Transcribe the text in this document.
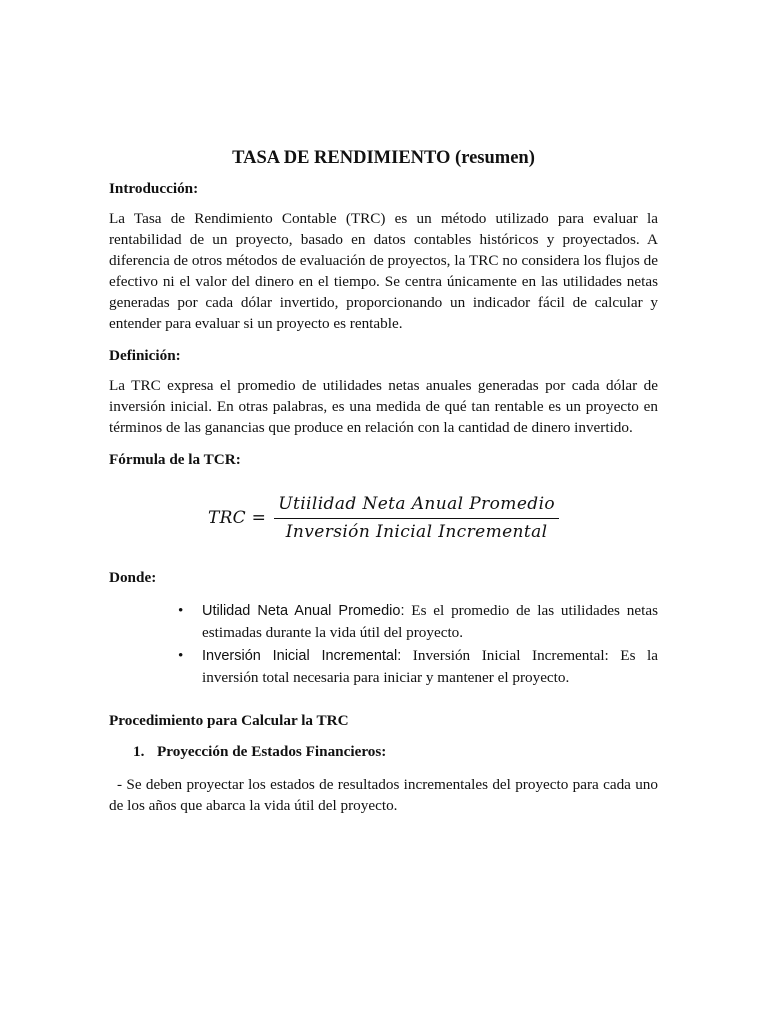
TASA DE RENDIMIENTO (resumen)
Introducción:
La Tasa de Rendimiento Contable (TRC) es un método utilizado para evaluar la rentabilidad de un proyecto, basado en datos contables históricos y proyectados. A diferencia de otros métodos de evaluación de proyectos, la TRC no considera los flujos de efectivo ni el valor del dinero en el tiempo. Se centra únicamente en las utilidades netas generadas por cada dólar invertido, proporcionando un indicador fácil de calcular y entender para evaluar si un proyecto es rentable.
Definición:
La TRC expresa el promedio de utilidades netas anuales generadas por cada dólar de inversión inicial. En otras palabras, es una medida de qué tan rentable es un proyecto en términos de las ganancias que produce en relación con la cantidad de dinero invertido.
Fórmula de la TCR:
TRC = $\frac{\text{Utiilidad Neta Anual Promedio}}{\text{Inversión Inicial Incremental}}$
Donde:
• Utilidad Neta Anual Promedio: Es el promedio de las utilidades netas estimadas durante la vida útil del proyecto.
• Inversión Inicial Incremental: Inversión Inicial Incremental: Es la inversión total necesaria para iniciar y mantener el proyecto.
Procedimiento para Calcular la TRC
1. Proyección de Estados Financieros:
- Se deben proyectar los estados de resultados incrementales del proyecto para cada uno de los años que abarca la vida útil del proyecto.
